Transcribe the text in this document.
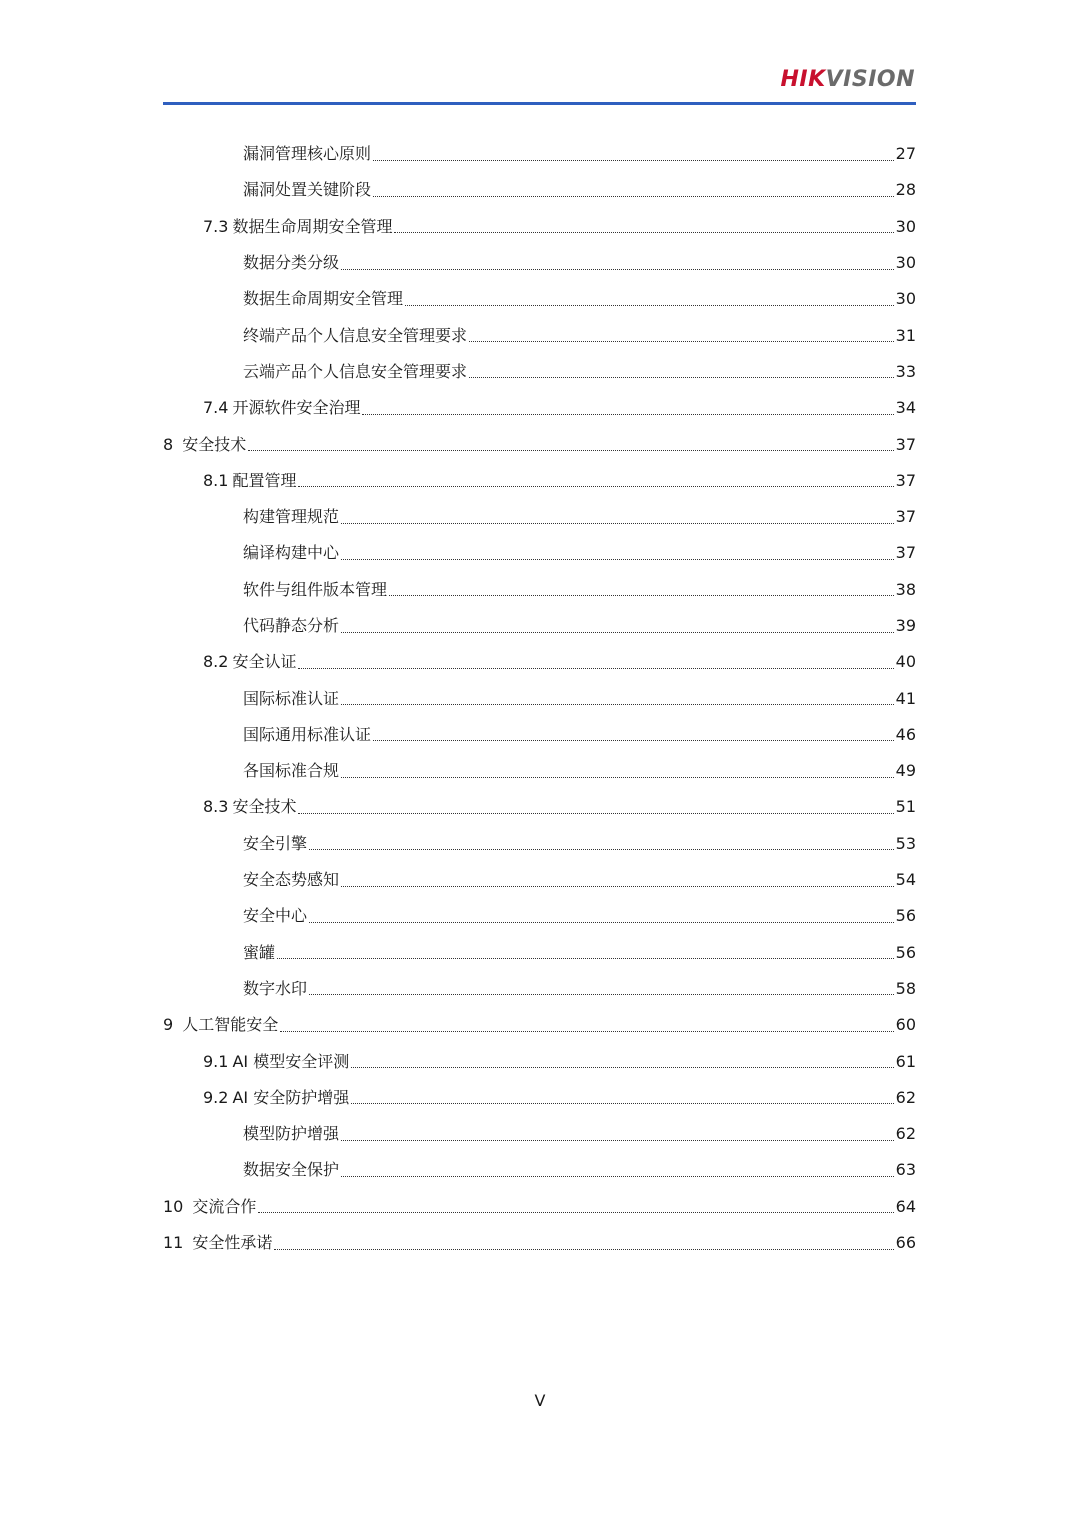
HIKVISION
漏洞管理核心原则	27
漏洞处置关键阶段	28
7.3 数据生命周期安全管理	30
数据分类分级	30
数据生命周期安全管理	30
终端产品个人信息安全管理要求	31
云端产品个人信息安全管理要求	33
7.4 开源软件安全治理	34
8 安全技术	37
8.1 配置管理	37
构建管理规范	37
编译构建中心	37
软件与组件版本管理	38
代码静态分析	39
8.2 安全认证	40
国际标准认证	41
国际通用标准认证	46
各国标准合规	49
8.3 安全技术	51
安全引擎	53
安全态势感知	54
安全中心	56
蜜罐	56
数字水印	58
9 人工智能安全	60
9.1 AI 模型安全评测	61
9.2 AI 安全防护增强	62
模型防护增强	62
数据安全保护	63
10 交流合作	64
11 安全性承诺	66
V
